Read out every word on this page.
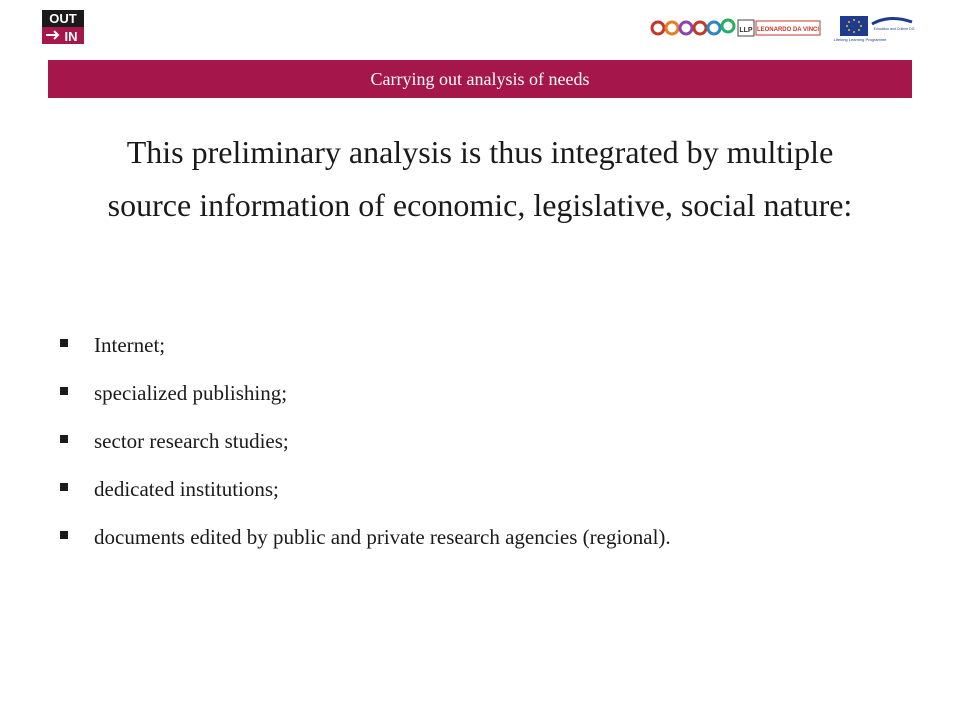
OUT
IN	LLP LEONARDO DA VINCI	Education and Culture DG
Lifelong Learning Programme
Carrying out analysis of needs

This preliminary analysis is thus integrated by multiple source information of economic, legislative, social nature:

Internet;
specialized publishing;
sector research studies;
dedicated institutions;
documents edited by public and private research agencies (regional).
